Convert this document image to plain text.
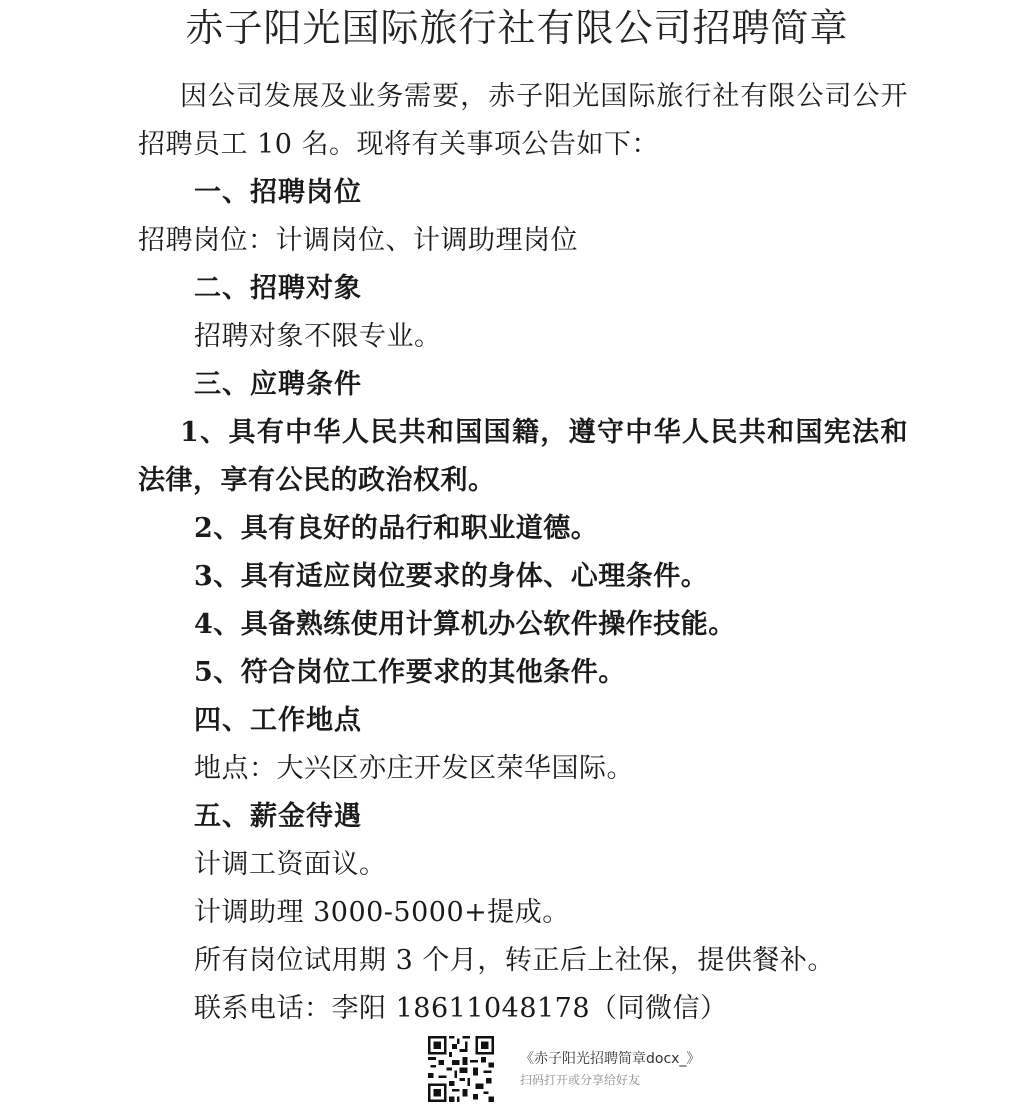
赤子阳光国际旅行社有限公司招聘简章

因公司发展及业务需要，赤子阳光国际旅行社有限公司公开招聘员工 10 名。现将有关事项公告如下：

一、招聘岗位

招聘岗位：计调岗位、计调助理岗位

二、招聘对象

招聘对象不限专业。

三、应聘条件

1、具有中华人民共和国国籍，遵守中华人民共和国宪法和法律，享有公民的政治权利。

2、具有良好的品行和职业道德。

3、具有适应岗位要求的身体、心理条件。

4、具备熟练使用计算机办公软件操作技能。

5、符合岗位工作要求的其他条件。

四、工作地点

地点：大兴区亦庄开发区荣华国际。

五、薪金待遇

计调工资面议。

计调助理 3000-5000+提成。

所有岗位试用期 3 个月，转正后上社保，提供餐补。

联系电话：李阳 18611048178（同微信）

《赤子阳光招聘简章docx_》
扫码打开或分享给好友
